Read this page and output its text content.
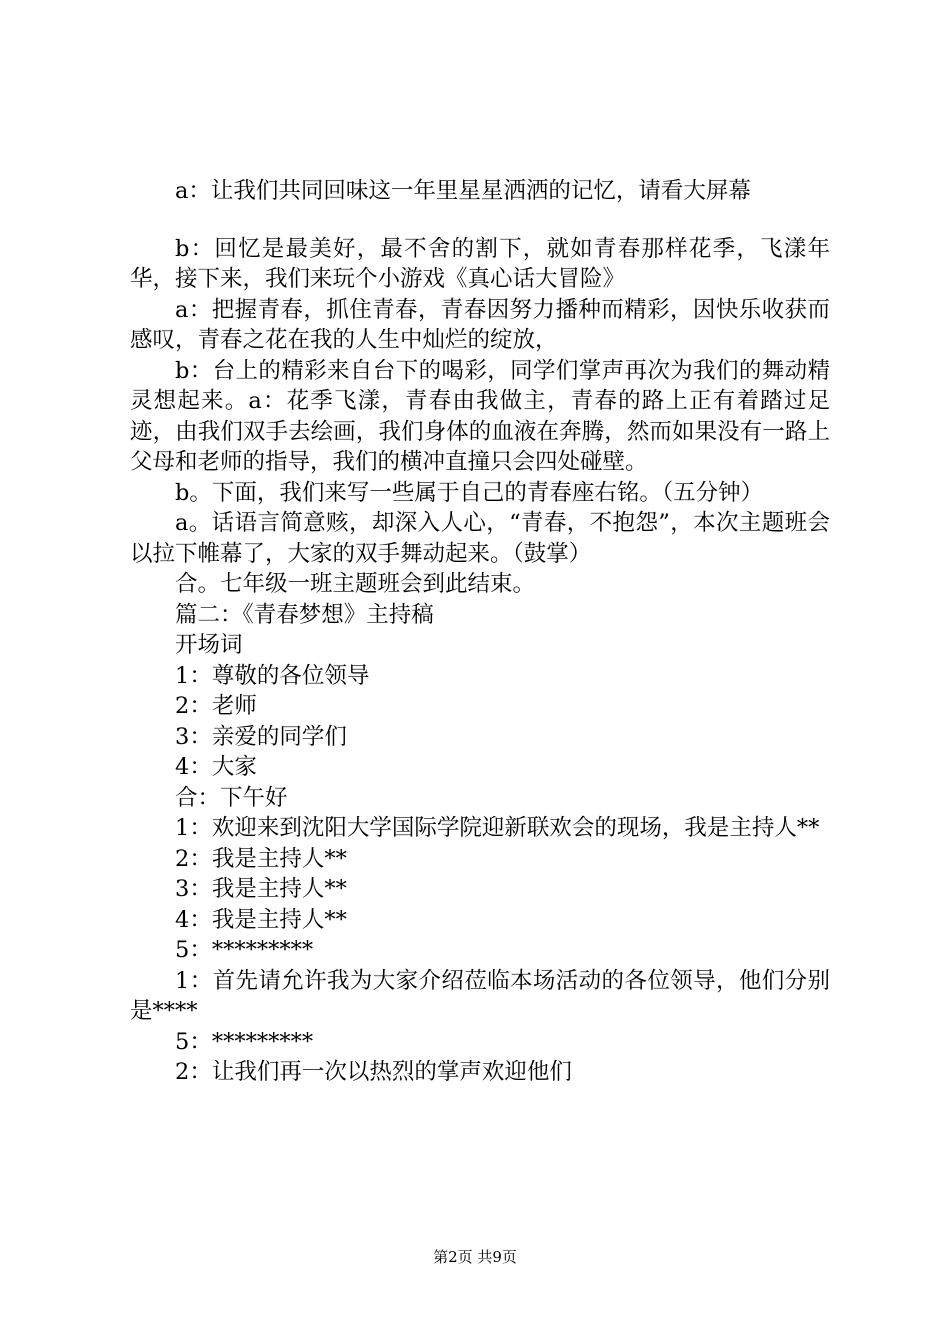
a：让我们共同回味这一年里星星洒洒的记忆，请看大屏幕

b：回忆是最美好，最不舍的割下，就如青春那样花季，飞漾年华，接下来，我们来玩个小游戏《真心话大冒险》

a：把握青春，抓住青春，青春因努力播种而精彩，因快乐收获而感叹，青春之花在我的人生中灿烂的绽放，

b：台上的精彩来自台下的喝彩，同学们掌声再次为我们的舞动精灵想起来。a：花季飞漾，青春由我做主，青春的路上正有着踏过足迹，由我们双手去绘画，我们身体的血液在奔腾，然而如果没有一路上父母和老师的指导，我们的横冲直撞只会四处碰壁。

b。下面，我们来写一些属于自己的青春座右铭。（五分钟）

a。话语言简意赅，却深入人心，“青春，不抱怨”，本次主题班会以拉下帷幕了，大家的双手舞动起来。（鼓掌）

合。七年级一班主题班会到此结束。

篇二：《青春梦想》主持稿

开场词

1：尊敬的各位领导

2：老师

3：亲爱的同学们

4：大家

合：下午好

1：欢迎来到沈阳大学国际学院迎新联欢会的现场，我是主持人**

2：我是主持人**

3：我是主持人**

4：我是主持人**

5：*********

1：首先请允许我为大家介绍莅临本场活动的各位领导，他们分别是****

5：*********

2：让我们再一次以热烈的掌声欢迎他们

第2页 共9页
